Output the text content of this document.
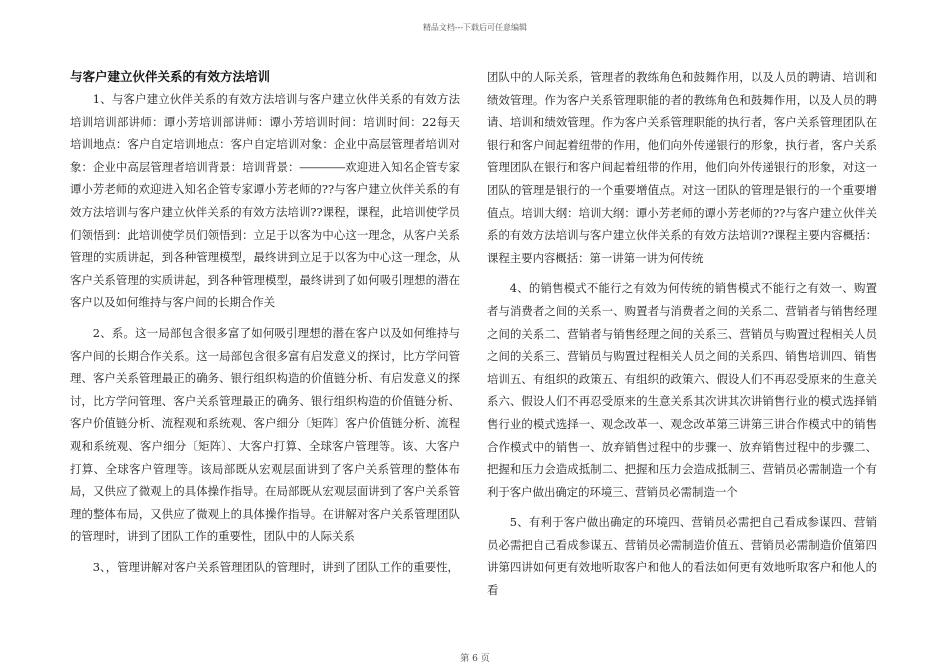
精品文档---下载后可任意编辑
与客户建立伙伴关系的有效方法培训

1、与客户建立伙伴关系的有效方法培训与客户建立伙伴关系的有效方法培训培训部讲师：谭小芳培训部讲师：谭小芳培训时间：培训时间：22每天培训地点：客户自定培训地点：客户自定培训对象：企业中高层管理者培训对象：企业中高层管理者培训背景：培训背景：――――欢迎进入知名企管专家谭小芳老师的欢迎进入知名企管专家谭小芳老师的??与客户建立伙伴关系的有效方法培训与客户建立伙伴关系的有效方法培训??课程，课程，此培训使学员们领悟到：此培训使学员们领悟到：立足于以客为中心这一理念，从客户关系管理的实质讲起，到各种管理模型，最终讲到立足于以客为中心这一理念，从客户关系管理的实质讲起，到各种管理模型，最终讲到了如何吸引理想的潜在客户以及如何维持与客户间的长期合作关

2、系。这一局部包含很多富了如何吸引理想的潜在客户以及如何维持与客户间的长期合作关系。这一局部包含很多富有启发意义的探讨，比方学问管理、客户关系管理最正的确务、银行组织构造的价值链分析、有启发意义的探讨，比方学问管理、客户关系管理最正的确务、银行组织构造的价值链分析、客户价值链分析、流程观和系统观、客户细分〔矩阵〕客户价值链分析、流程观和系统观、客户细分〔矩阵〕、大客户打算、全球客户管理等。该、大客户打算、全球客户管理等。该局部既从宏观层面讲到了客户关系管理的整体布局，又供应了微观上的具体操作指导。在局部既从宏观层面讲到了客户关系管理的整体布局，又供应了微观上的具体操作指导。在讲解对客户关系管理团队的管理时，讲到了团队工作的重要性，团队中的人际关系

3、，管理讲解对客户关系管理团队的管理时，讲到了团队工作的重要性，

团队中的人际关系，管理者的教练角色和鼓舞作用，以及人员的聘请、培训和绩效管理。作为客户关系管理职能的者的教练角色和鼓舞作用，以及人员的聘请、培训和绩效管理。作为客户关系管理职能的执行者，客户关系管理团队在银行和客户间起着纽带的作用，他们向外传递银行的形象，执行者，客户关系管理团队在银行和客户间起着纽带的作用，他们向外传递银行的形象，对这一团队的管理是银行的一个重要增值点。对这一团队的管理是银行的一个重要增值点。培训大纲：培训大纲：谭小芳老师的谭小芳老师的??与客户建立伙伴关系的有效方法培训与客户建立伙伴关系的有效方法培训??课程主要内容概括：课程主要内容概括：第一讲第一讲为何传统

4、的销售模式不能行之有效为何传统的销售模式不能行之有效一、购置者与消费者之间的关系一、购置者与消费者之间的关系二、营销者与销售经理之间的关系二、营销者与销售经理之间的关系三、营销员与购置过程相关人员之间的关系三、营销员与购置过程相关人员之间的关系四、销售培训四、销售培训五、有组织的政策五、有组织的政策六、假设人们不再忍受原来的生意关系六、假设人们不再忍受原来的生意关系其次讲其次讲销售行业的模式选择销售行业的模式选择一、观念改革一、观念改革第三讲第三讲合作模式中的销售合作模式中的销售一、放弃销售过程中的步骤一、放弃销售过程中的步骤二、把握和压力会造成抵制二、把握和压力会造成抵制三、营销员必需制造一个有利于客户做出确定的环境三、营销员必需制造一个

5、有利于客户做出确定的环境四、营销员必需把自己看成参谋四、营销员必需把自己看成参谋五、营销员必需制造价值五、营销员必需制造价值第四讲第四讲如何更有效地听取客户和他人的看法如何更有效地听取客户和他人的看

第 6 页
